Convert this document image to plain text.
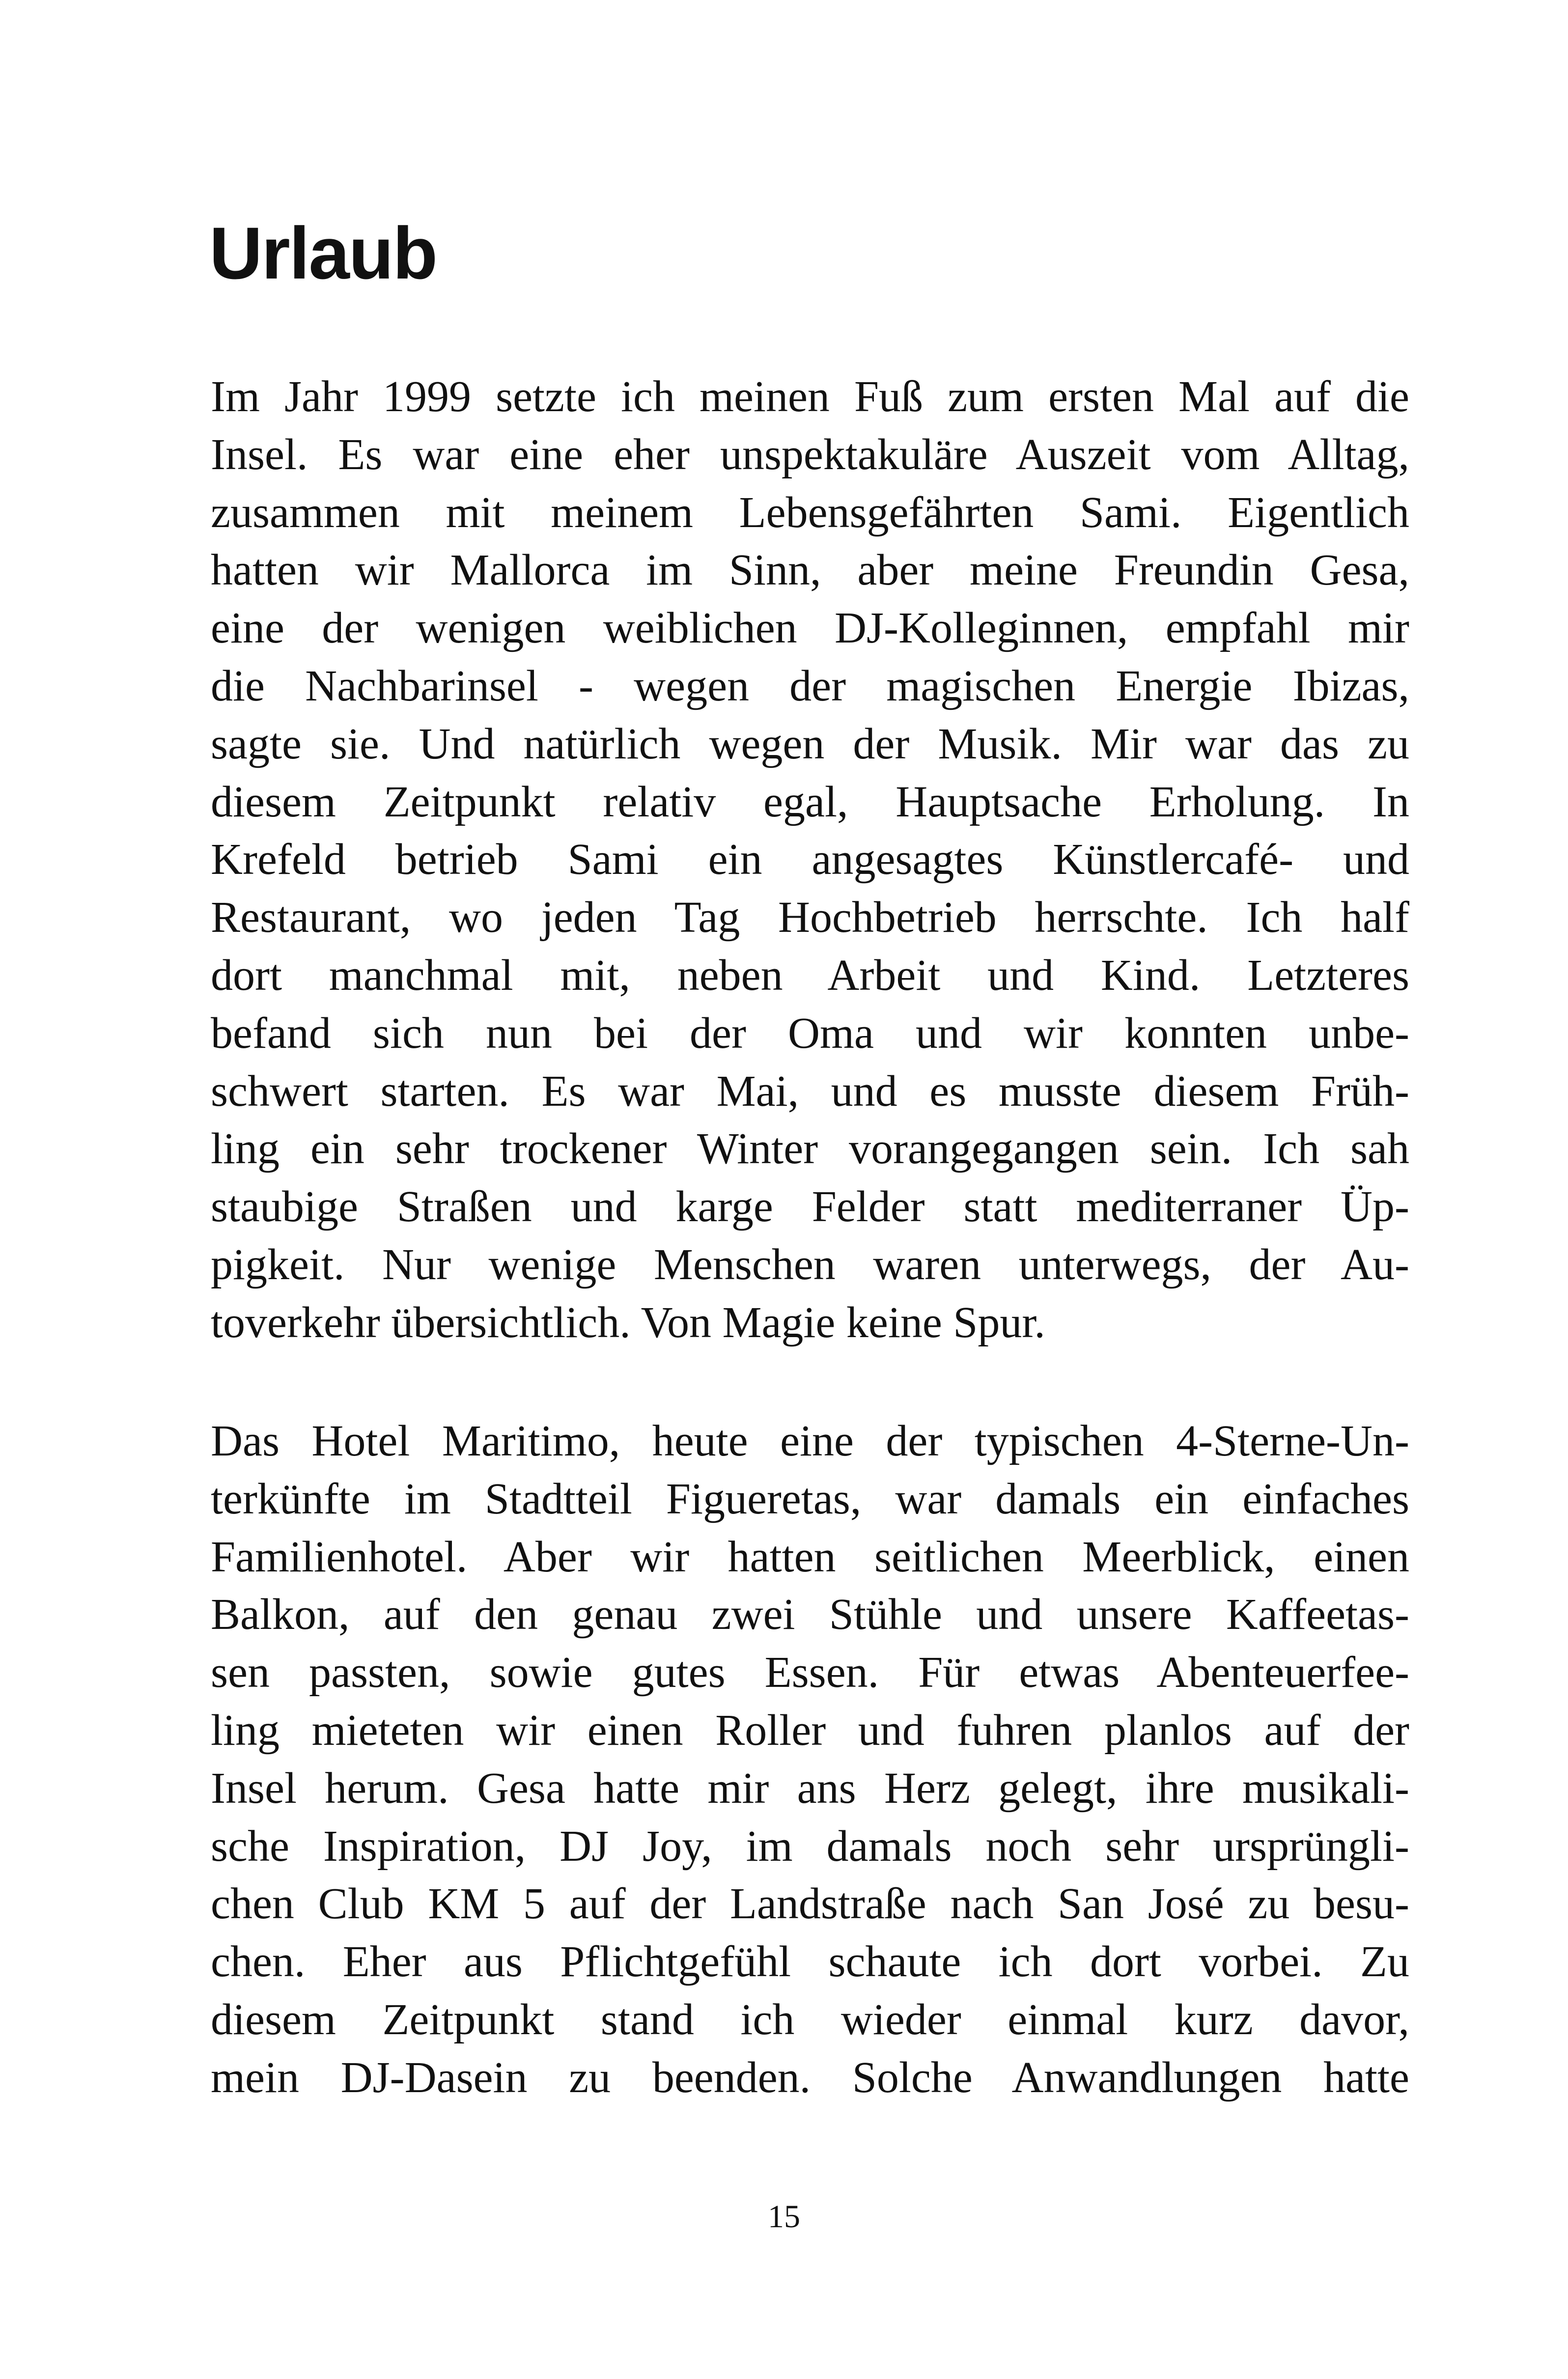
Urlaub
Im Jahr 1999 setzte ich meinen Fuß zum ersten Mal auf die
Insel. Es war eine eher unspektakuläre Auszeit vom Alltag,
zusammen mit meinem Lebensgefährten Sami. Eigentlich
hatten wir Mallorca im Sinn, aber meine Freundin Gesa,
eine der wenigen weiblichen DJ-Kolleginnen, empfahl mir
die Nachbarinsel - wegen der magischen Energie Ibizas,
sagte sie. Und natürlich wegen der Musik. Mir war das zu
diesem Zeitpunkt relativ egal, Hauptsache Erholung. In
Krefeld betrieb Sami ein angesagtes Künstlercafé- und
Restaurant, wo jeden Tag Hochbetrieb herrschte. Ich half
dort manchmal mit, neben Arbeit und Kind. Letzteres
befand sich nun bei der Oma und wir konnten unbe-
schwert starten. Es war Mai, und es musste diesem Früh-
ling ein sehr trockener Winter vorangegangen sein. Ich sah
staubige Straßen und karge Felder statt mediterraner Üp-
pigkeit. Nur wenige Menschen waren unterwegs, der Au-
toverkehr übersichtlich. Von Magie keine Spur.
Das Hotel Maritimo, heute eine der typischen 4-Sterne-Un-
terkünfte im Stadtteil Figueretas, war damals ein einfaches
Familienhotel. Aber wir hatten seitlichen Meerblick, einen
Balkon, auf den genau zwei Stühle und unsere Kaffeetas-
sen passten, sowie gutes Essen. Für etwas Abenteuerfee-
ling mieteten wir einen Roller und fuhren planlos auf der
Insel herum. Gesa hatte mir ans Herz gelegt, ihre musikali-
sche Inspiration, DJ Joy, im damals noch sehr ursprüngli-
chen Club KM 5 auf der Landstraße nach San José zu besu-
chen. Eher aus Pflichtgefühl schaute ich dort vorbei. Zu
diesem Zeitpunkt stand ich wieder einmal kurz davor,
mein DJ-Dasein zu beenden. Solche Anwandlungen hatte
15
